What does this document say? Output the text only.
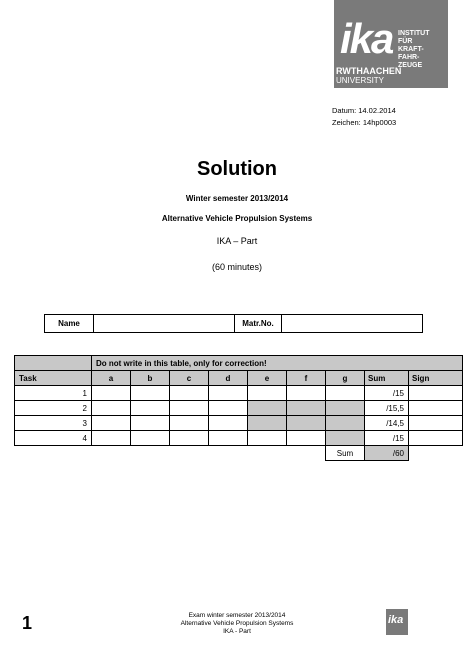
ika INSTITUT
FÜR
KRAFT-
FAHR-
ZEUGE
RWTHAACHEN
UNIVERSITY
Datum: 14.02.2014
Zeichen: 14hp0003
Solution
Winter semester 2013/2014
Alternative Vehicle Propulsion Systems
IKA – Part
(60 minutes)
Name		Matr.No.	
	Do not write in this table, only for correction!								
Task	a	b	c	d	e	f	g	Sum	Sign
1								/15	
2								/15,5	
3								/14,5	
4								/15	
							Sum	/60	
1	Exam winter semester 2013/2014
Alternative Vehicle Propulsion Systems
IKA - Part
ika
